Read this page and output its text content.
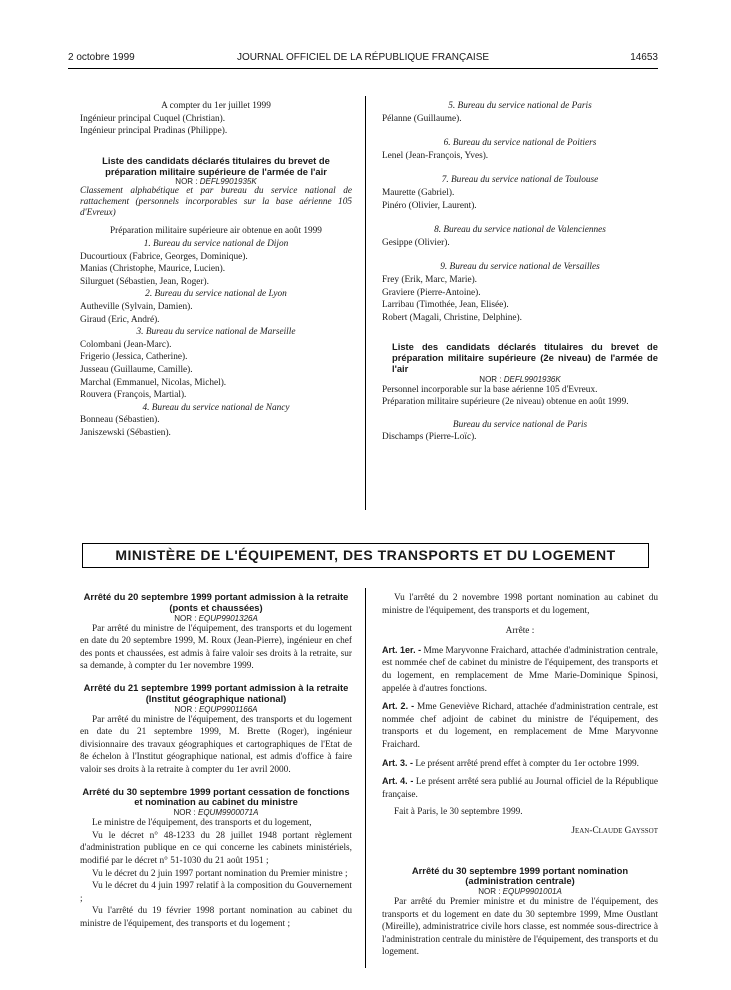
2 octobre 1999	JOURNAL OFFICIEL DE LA RÉPUBLIQUE FRANÇAISE	14653

A compter du 1er juillet 1999

Ingénieur principal Cuquel (Christian).

Ingénieur principal Pradinas (Philippe).

Liste des candidats déclarés titulaires du brevet de préparation militaire supérieure de l'armée de l'air

NOR : DEFL9901935K

Classement alphabétique et par bureau du service national de rattachement (personnels incorporables sur la base aérienne 105 d'Evreux)

Préparation militaire supérieure air obtenue en août 1999

1. Bureau du service national de Dijon

Ducourtioux (Fabrice, Georges, Dominique).

Manias (Christophe, Maurice, Lucien).

Silurguet (Sébastien, Jean, Roger).

2. Bureau du service national de Lyon

Autheville (Sylvain, Damien).

Giraud (Eric, André).

3. Bureau du service national de Marseille

Colombani (Jean-Marc).

Frigerio (Jessica, Catherine).

Jusseau (Guillaume, Camille).

Marchal (Emmanuel, Nicolas, Michel).

Rouvera (François, Martial).

4. Bureau du service national de Nancy

Bonneau (Sébastien).

Janiszewski (Sébastien).

5. Bureau du service national de Paris

Pélanne (Guillaume).

6. Bureau du service national de Poitiers

Lenel (Jean-François, Yves).

7. Bureau du service national de Toulouse

Maurette (Gabriel).

Pinéro (Olivier, Laurent).

8. Bureau du service national de Valenciennes

Gesippe (Olivier).

9. Bureau du service national de Versailles

Frey (Erik, Marc, Marie).

Graviere (Pierre-Antoine).

Larribau (Timothée, Jean, Elisée).

Robert (Magali, Christine, Delphine).

Liste des candidats déclarés titulaires du brevet de préparation militaire supérieure (2e niveau) de l'armée de l'air

NOR : DEFL9901936K

Personnel incorporable sur la base aérienne 105 d'Evreux.

Préparation militaire supérieure (2e niveau) obtenue en août 1999.

Bureau du service national de Paris

Dischamps (Pierre-Loïc).

MINISTÈRE DE L'ÉQUIPEMENT, DES TRANSPORTS ET DU LOGEMENT

Arrêté du 20 septembre 1999 portant admission à la retraite (ponts et chaussées)

NOR : EQUP9901326A

Par arrêté du ministre de l'équipement, des transports et du logement en date du 20 septembre 1999, M. Roux (Jean-Pierre), ingénieur en chef des ponts et chaussées, est admis à faire valoir ses droits à la retraite, sur sa demande, à compter du 1er novembre 1999.

Arrêté du 21 septembre 1999 portant admission à la retraite (Institut géographique national)

NOR : EQUP9901166A

Par arrêté du ministre de l'équipement, des transports et du logement en date du 21 septembre 1999, M. Brette (Roger), ingénieur divisionnaire des travaux géographiques et cartographiques de l'Etat de 8e échelon à l'Institut géographique national, est admis d'office à faire valoir ses droits à la retraite à compter du 1er avril 2000.

Arrêté du 30 septembre 1999 portant cessation de fonctions et nomination au cabinet du ministre

NOR : EQUM9900071A

Le ministre de l'équipement, des transports et du logement,

Vu le décret n° 48-1233 du 28 juillet 1948 portant règlement d'administration publique en ce qui concerne les cabinets ministériels, modifié par le décret n° 51-1030 du 21 août 1951 ;

Vu le décret du 2 juin 1997 portant nomination du Premier ministre ;

Vu le décret du 4 juin 1997 relatif à la composition du Gouvernement ;

Vu l'arrêté du 19 février 1998 portant nomination au cabinet du ministre de l'équipement, des transports et du logement ;

Vu l'arrêté du 2 novembre 1998 portant nomination au cabinet du ministre de l'équipement, des transports et du logement,

Arrête :

Art. 1er. - Mme Maryvonne Fraichard, attachée d'administration centrale, est nommée chef de cabinet du ministre de l'équipement, des transports et du logement, en remplacement de Mme Marie-Dominique Spinosi, appelée à d'autres fonctions.

Art. 2. - Mme Geneviève Richard, attachée d'administration centrale, est nommée chef adjoint de cabinet du ministre de l'équipement, des transports et du logement, en remplacement de Mme Maryvonne Fraichard.

Art. 3. - Le présent arrêté prend effet à compter du 1er octobre 1999.

Art. 4. - Le présent arrêté sera publié au Journal officiel de la République française.

Fait à Paris, le 30 septembre 1999.

Jean-Claude Gayssot

Arrêté du 30 septembre 1999 portant nomination (administration centrale)

NOR : EQUP9901001A

Par arrêté du Premier ministre et du ministre de l'équipement, des transports et du logement en date du 30 septembre 1999, Mme Oustlant (Mireille), administratrice civile hors classe, est nommée sous-directrice à l'administration centrale du ministère de l'équipement, des transports et du logement.
